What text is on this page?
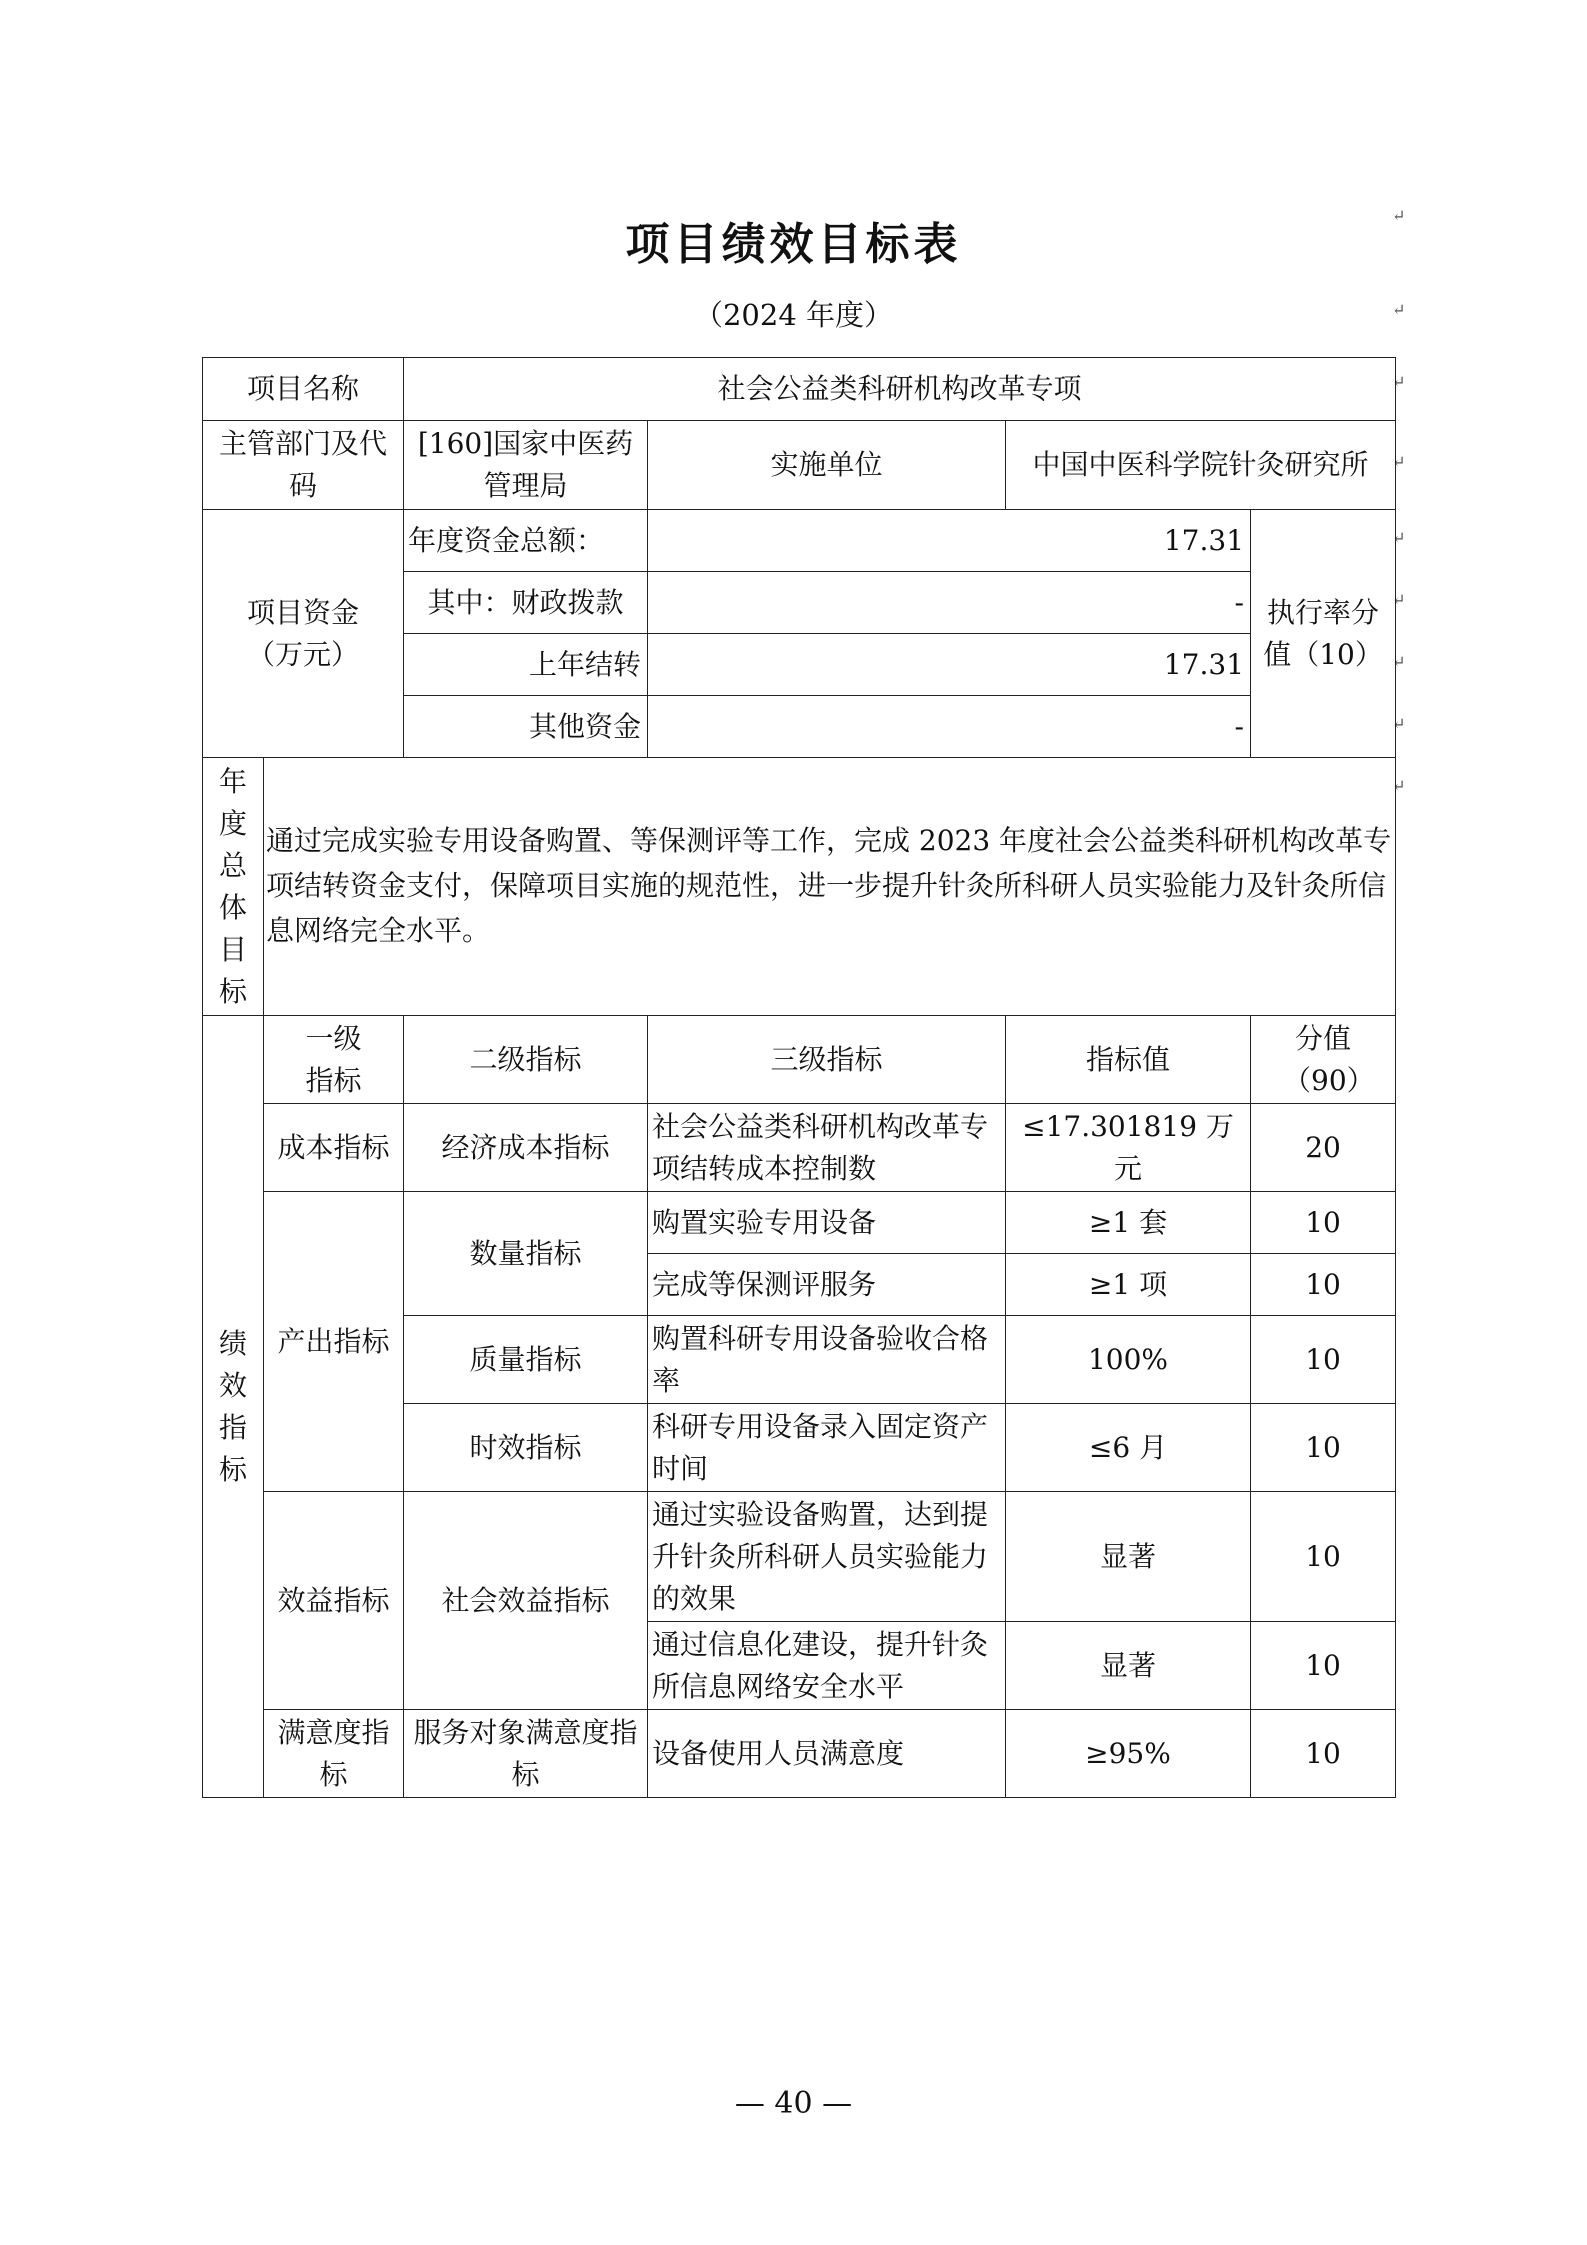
项目绩效目标表
（2024 年度）
↵
↵
↵
↵
↵
↵
↵
↵
↵
项目名称		社会公益类科研机构改革专项			
主管部门及代码		[160]国家中医药管理局	实施单位	中国中医科学院针灸研究所	

项目资金（万元）		年度资金总额：	17.31		执行率分值（10）
		其中：财政拨款	-		
		上年结转	17.31		
		其他资金	-		

年度总体目标	通过完成实验专用设备购置、等保测评等工作，完成 2023 年度社会公益类科研机构改革专项结转资金支付，保障项目实施的规范性，进一步提升针灸所科研人员实验能力及针灸所信息网络完全水平。				

绩效指标	一级指标	二级指标	三级指标	指标值	分值（90）

	成本指标	经济成本指标	社会公益类科研机构改革专项结转成本控制数	≤17.301819 万元	20
	产出指标	数量指标	购置实验专用设备	≥1 套	10
			完成等保测评服务	≥1 项	10
		质量指标	购置科研专用设备验收合格率	100%	10
		时效指标	科研专用设备录入固定资产时间	≤6 月	10
	效益指标	社会效益指标	通过实验设备购置，达到提升针灸所科研人员实验能力的效果	显著	10
			通过信息化建设，提升针灸所信息网络安全水平	显著	10

	满意度指标	服务对象满意度指标	设备使用人员满意度	≥95%	10
— 40 —
